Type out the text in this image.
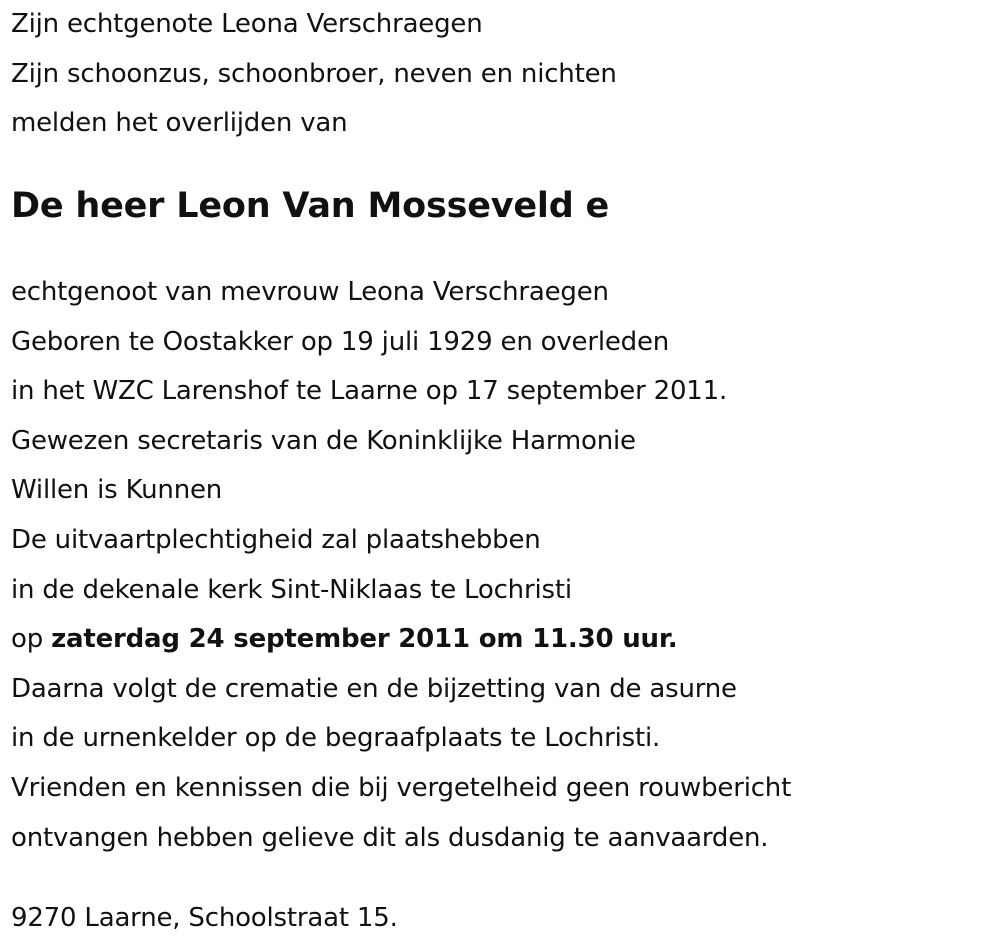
Zijn echtgenote Leona Verschraegen
Zijn schoonzus, schoonbroer, neven en nichten
melden het overlijden van
De heer Leon Van Mosseveld e
echtgenoot van mevrouw Leona Verschraegen
Geboren te Oostakker op 19 juli 1929 en overleden
in het WZC Larenshof te Laarne op 17 september 2011.
Gewezen secretaris van de Koninklijke Harmonie
Willen is Kunnen
De uitvaartplechtigheid zal plaatshebben
in de dekenale kerk Sint-Niklaas te Lochristi
op zaterdag 24 september 2011 om 11.30 uur.
Daarna volgt de crematie en de bijzetting van de asurne
in de urnenkelder op de begraafplaats te Lochristi.
Vrienden en kennissen die bij vergetelheid geen rouwbericht
ontvangen hebben gelieve dit als dusdanig te aanvaarden.
9270 Laarne, Schoolstraat 15.
